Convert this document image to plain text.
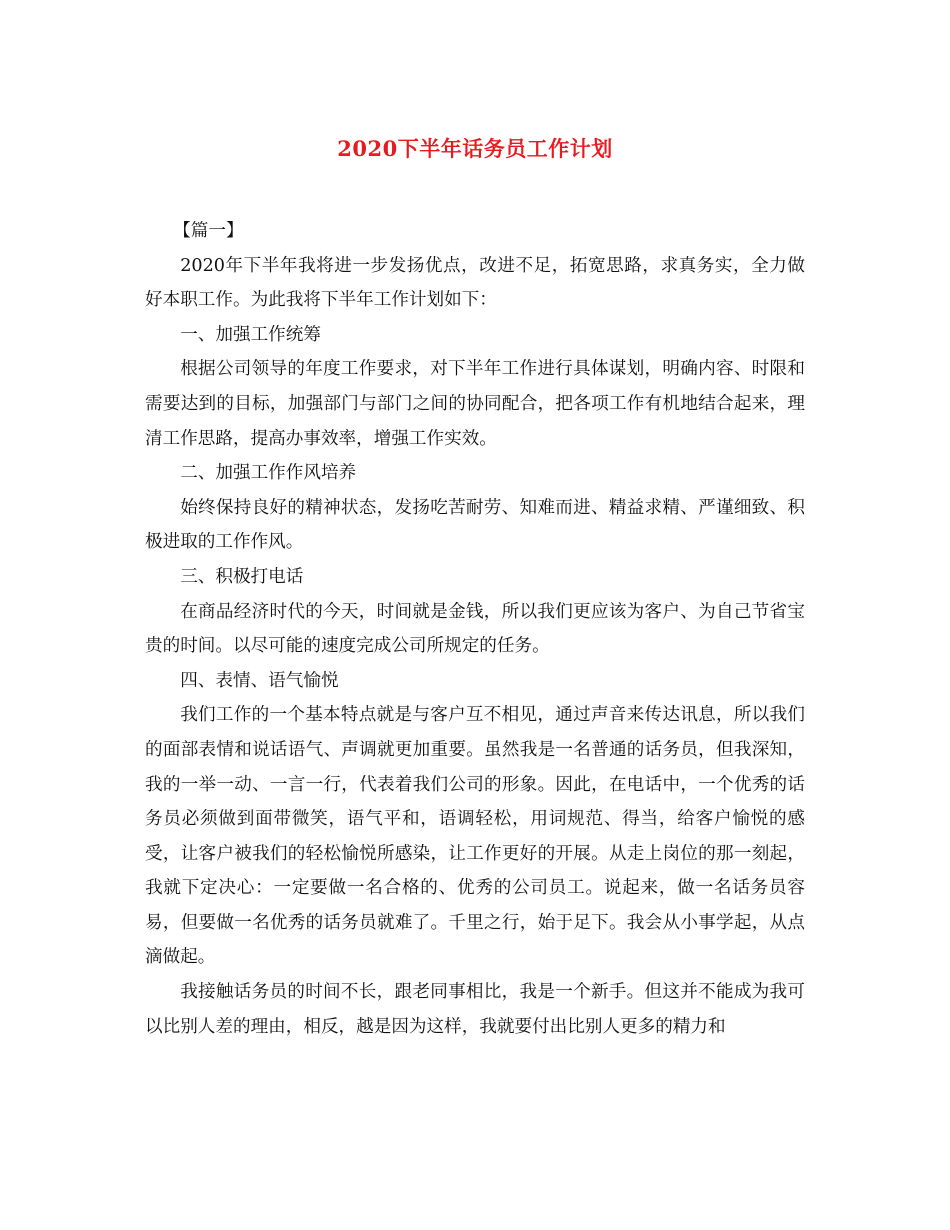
2020下半年话务员工作计划

【篇一】

2020年下半年我将进一步发扬优点，改进不足，拓宽思路，求真务实，全力做好本职工作。为此我将下半年工作计划如下：

一、加强工作统筹

根据公司领导的年度工作要求，对下半年工作进行具体谋划，明确内容、时限和需要达到的目标，加强部门与部门之间的协同配合，把各项工作有机地结合起来，理清工作思路，提高办事效率，增强工作实效。

二、加强工作作风培养

始终保持良好的精神状态，发扬吃苦耐劳、知难而进、精益求精、严谨细致、积极进取的工作作风。

三、积极打电话

在商品经济时代的今天，时间就是金钱，所以我们更应该为客户、为自己节省宝贵的时间。以尽可能的速度完成公司所规定的任务。

四、表情、语气愉悦

我们工作的一个基本特点就是与客户互不相见，通过声音来传达讯息，所以我们的面部表情和说话语气、声调就更加重要。虽然我是一名普通的话务员，但我深知，我的一举一动、一言一行，代表着我们公司的形象。因此，在电话中，一个优秀的话务员必须做到面带微笑，语气平和，语调轻松，用词规范、得当，给客户愉悦的感受，让客户被我们的轻松愉悦所感染，让工作更好的开展。从走上岗位的那一刻起，我就下定决心：一定要做一名合格的、优秀的公司员工。说起来，做一名话务员容易，但要做一名优秀的话务员就难了。千里之行，始于足下。我会从小事学起，从点滴做起。

我接触话务员的时间不长，跟老同事相比，我是一个新手。但这并不能成为我可以比别人差的理由，相反，越是因为这样，我就要付出比别人更多的精力和
